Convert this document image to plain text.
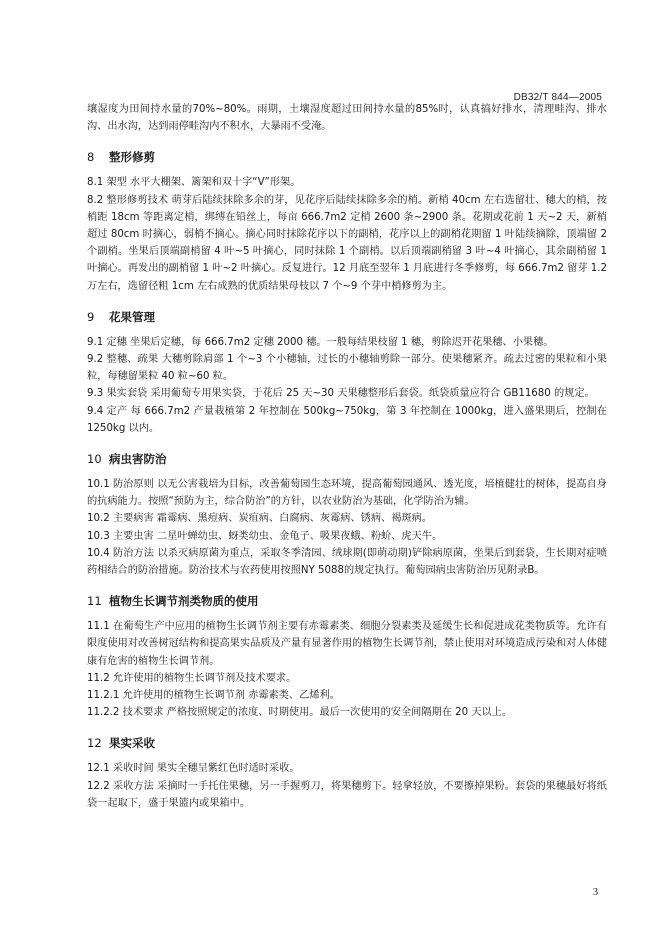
DB32/T 844—2005

壤湿度为田间持水量的70%~80%。雨期，土壤湿度超过田间持水量的85%时，认真搞好排水，清理畦沟、排水沟、出水沟，达到雨停畦沟内不积水，大暴雨不受淹。

8 整形修剪

8.1 架型 水平大棚架、篱架和双十字“V”形架。

8.2 整形修剪技术 萌芽后陆续抹除多余的芽，见花序后陆续抹除多余的梢。新梢 40cm 左右选留壮、穗大的梢，按梢距 18cm 等距离定梢，绑缚在铅丝上，每亩 666.7m2 定梢 2600 条~2900 条。花期或花前 1 天~2 天，新梢超过 80cm 时摘心，弱梢不摘心。摘心同时抹除花序以下的副梢，花序以上的副梢花期留 1 叶陆续摘除，顶端留 2 个副梢。坐果后顶端副梢留 4 叶~5 叶摘心，同时抹除 1 个副梢。以后顶端副梢留 3 叶~4 叶摘心，其余副梢留 1 叶摘心。再发出的副梢留 1 叶~2 叶摘心。反复进行。12 月底至翌年 1 月底进行冬季修剪，每 666.7m2 留芽 1.2 万左右，选留径粗 1cm 左右成熟的优质结果母枝以 7 个~9 个芽中梢修剪为主。

9 花果管理

9.1 定穗 坐果后定穗，每 666.7m2 定穗 2000 穗。一般每结果枝留 1 穗，剪除迟开花果穗、小果穗。

9.2 整穗、疏果 大穗剪除肩部 1 个~3 个小穗轴，过长的小穗轴剪除一部分。使果穗紧齐。疏去过密的果粒和小果粒，每穗留果粒 40 粒~60 粒。

9.3 果实套袋 采用葡萄专用果实袋，于花后 25 天~30 天果穗整形后套袋。纸袋质量应符合 GB11680 的规定。

9.4 定产 每 666.7m2 产量栽植第 2 年控制在 500kg~750kg，第 3 年控制在 1000kg，进入盛果期后，控制在 1250kg 以内。

10 病虫害防治

10.1 防治原则 以无公害栽培为目标，改善葡萄园生态环境，提高葡萄园通风、透光度，培植健壮的树体，提高自身的抗病能力。按照“预防为主，综合防治”的方针，以农业防治为基础，化学防治为辅。

10.2 主要病害 霜霉病、黑痘病、炭疽病、白腐病、灰霉病、锈病、褐斑病。

10.3 主要虫害 二星叶蝉幼虫、蚜类幼虫、金龟子、吸果夜蛾、粉蚧、虎天牛。

10.4 防治方法 以杀灭病原菌为重点，采取冬季清园、绒球期(即萌动期)铲除病原菌，坐果后到套袋，生长期对症喷药相结合的防治措施。防治技术与农药使用按照NY 5088的规定执行。葡萄园病虫害防治历见附录B。

11 植物生长调节剂类物质的使用

11.1 在葡萄生产中应用的植物生长调节剂主要有赤霉素类、细胞分裂素类及延缓生长和促进成花类物质等。允许有限度使用对改善树冠结构和提高果实品质及产量有显著作用的植物生长调节剂，禁止使用对环境造成污染和对人体健康有危害的植物生长调节剂。

11.2 允许使用的植物生长调节剂及技术要求。

11.2.1 允许使用的植物生长调节剂 赤霉素类、乙烯利。

11.2.2 技术要求 严格按照规定的浓度、时期使用。最后一次使用的安全间隔期在 20 天以上。

12 果实采收

12.1 采收时间 果实全穗呈紫红色时适时采收。

12.2 采收方法 采摘时一手托住果穗，另一手握剪刀，将果穗剪下。轻拿轻放，不要擦掉果粉。套袋的果穗最好将纸袋一起取下，盛于果篮内或果箱中。

3
